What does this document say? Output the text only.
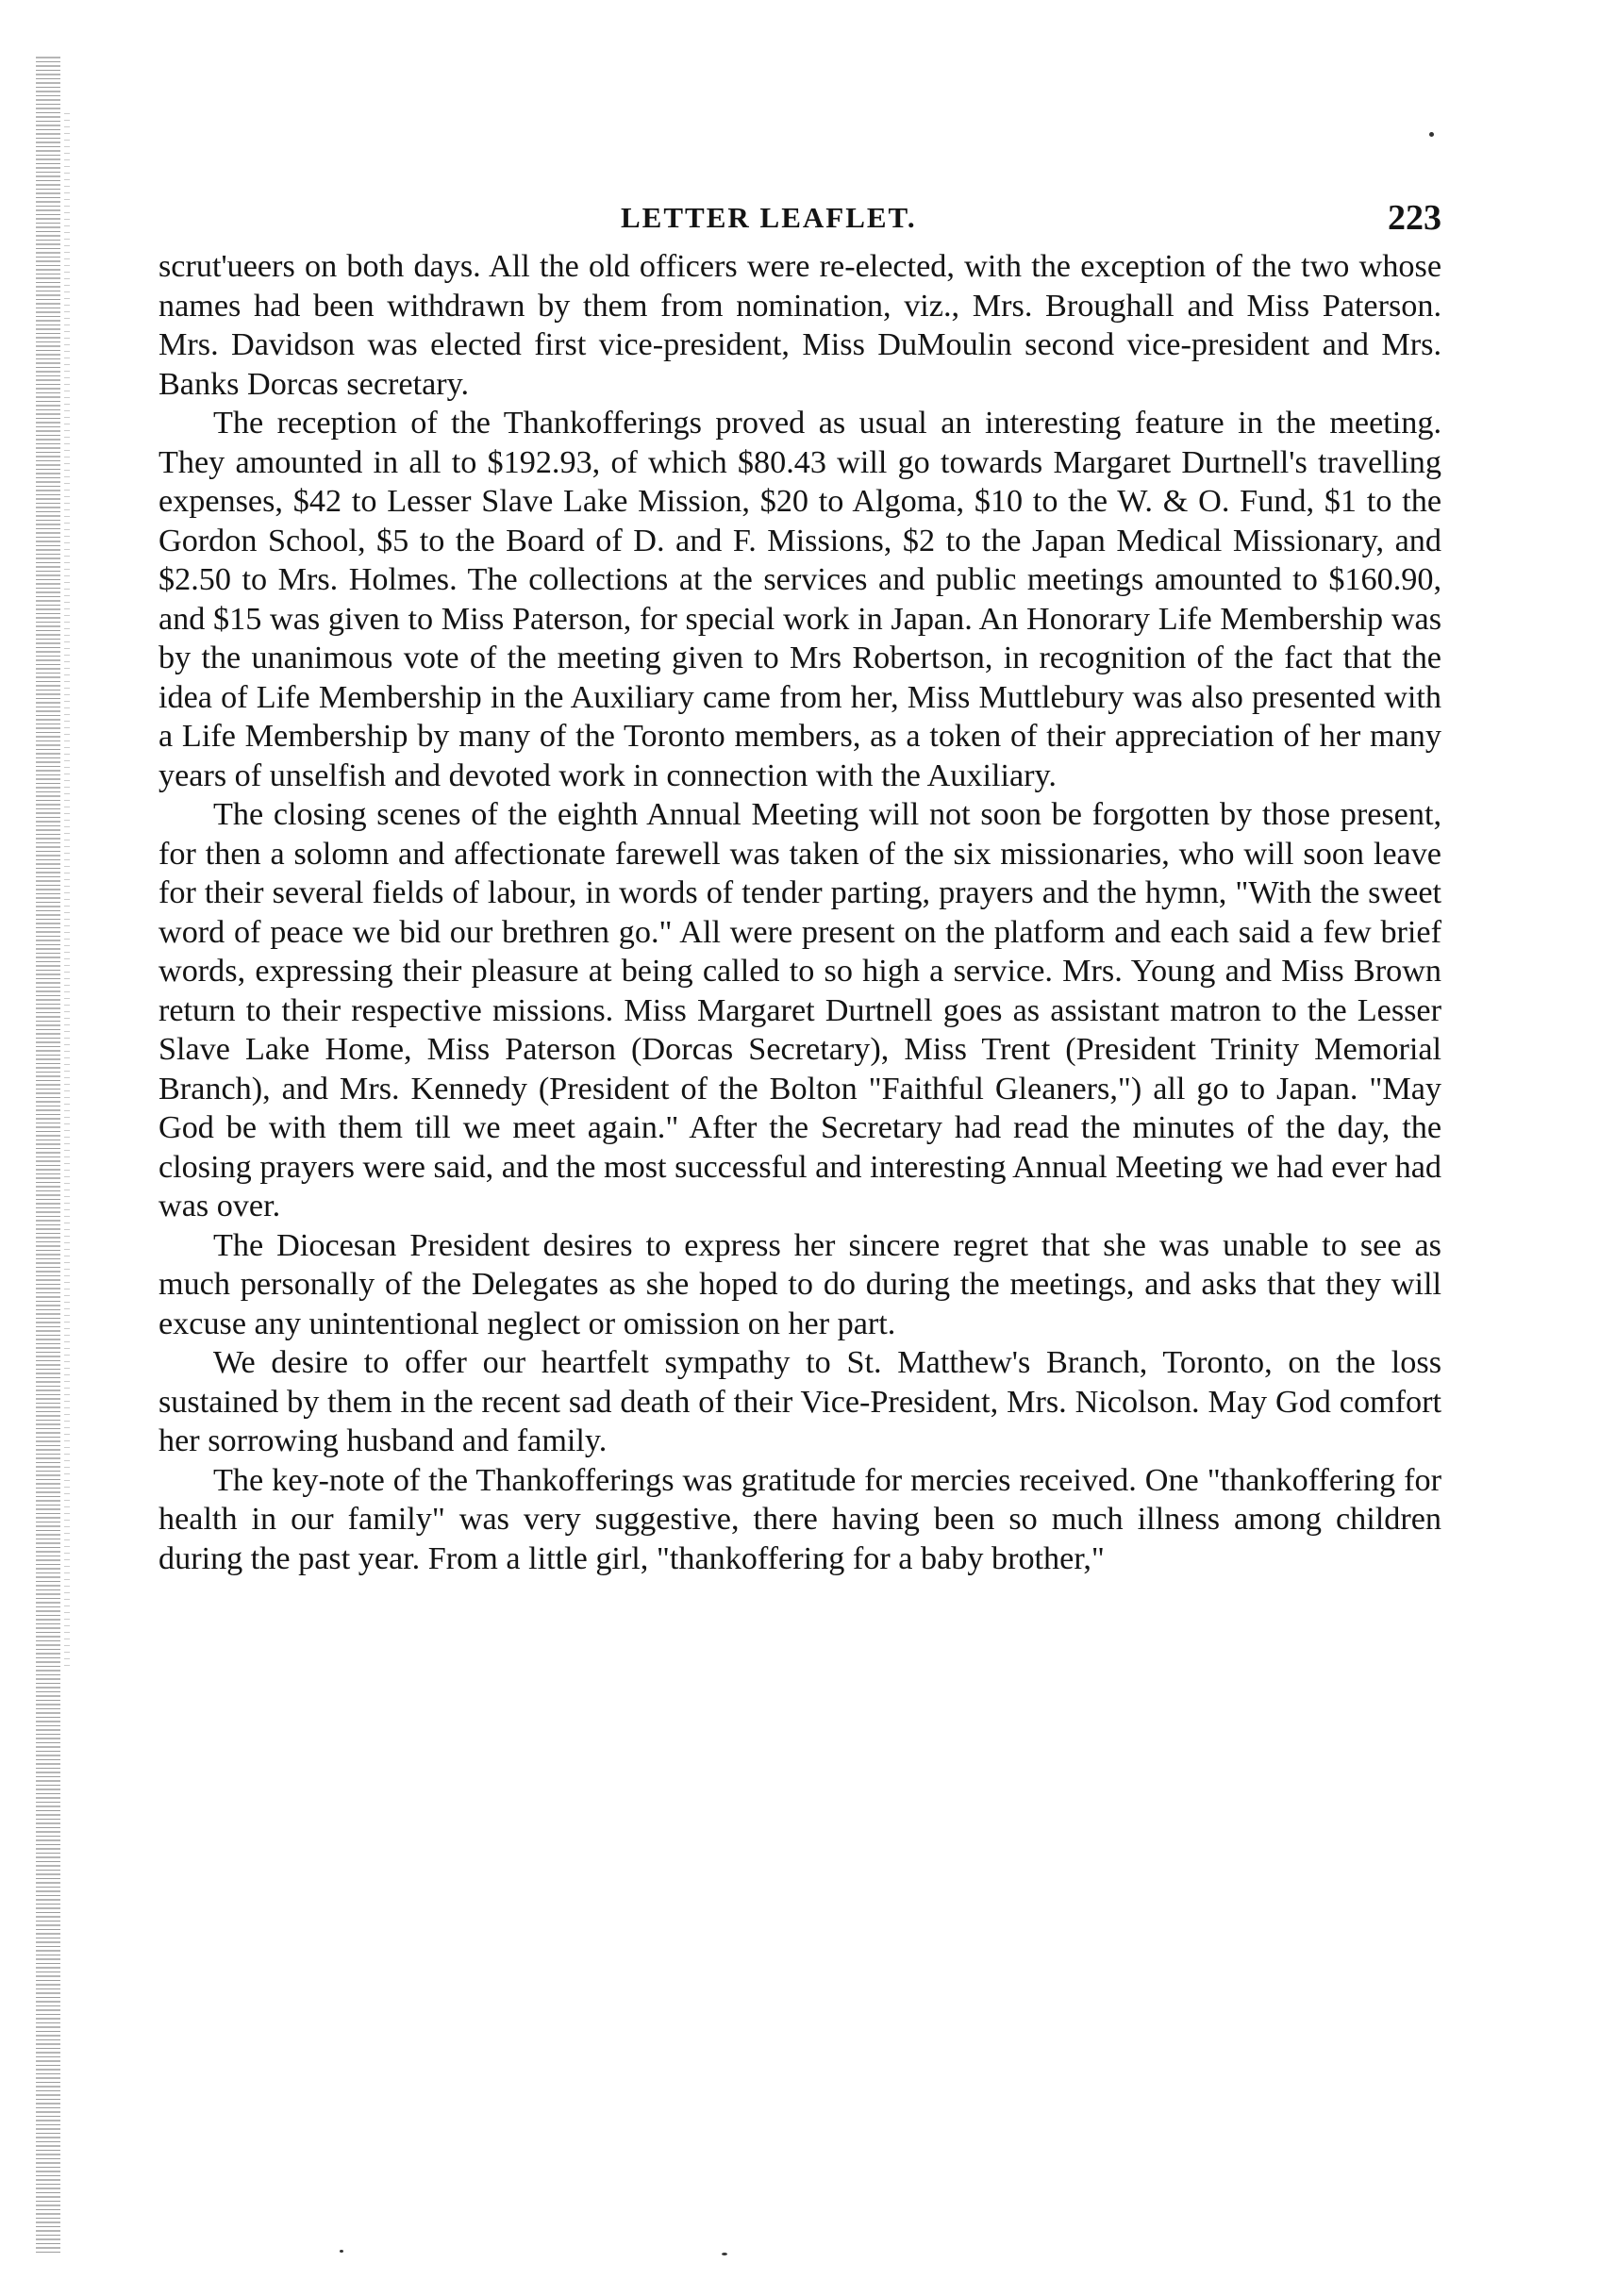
LETTER LEAFLET.	223

scrut'ueers on both days. All the old officers were re-elected, with the exception of the two whose names had been withdrawn by them from nomination, viz., Mrs. Broughall and Miss Paterson. Mrs. Davidson was elected first vice-president, Miss DuMoulin second vice-president and Mrs. Banks Dorcas secretary.

The reception of the Thankofferings proved as usual an interesting feature in the meeting. They amounted in all to $192.93, of which $80.43 will go towards Margaret Durtnell's travelling expenses, $42 to Lesser Slave Lake Mission, $20 to Algoma, $10 to the W. & O. Fund, $1 to the Gordon School, $5 to the Board of D. and F. Missions, $2 to the Japan Medical Missionary, and $2.50 to Mrs. Holmes. The collections at the services and public meetings amounted to $160.90, and $15 was given to Miss Paterson, for special work in Japan. An Honorary Life Membership was by the unanimous vote of the meeting given to Mrs Robertson, in recognition of the fact that the idea of Life Membership in the Auxiliary came from her, Miss Muttlebury was also presented with a Life Membership by many of the Toronto members, as a token of their appreciation of her many years of unselfish and devoted work in connection with the Auxiliary.

The closing scenes of the eighth Annual Meeting will not soon be forgotten by those present, for then a solomn and affectionate farewell was taken of the six missionaries, who will soon leave for their several fields of labour, in words of tender parting, prayers and the hymn, "With the sweet word of peace we bid our brethren go." All were present on the platform and each said a few brief words, expressing their pleasure at being called to so high a service. Mrs. Young and Miss Brown return to their respective missions. Miss Margaret Durtnell goes as assistant matron to the Lesser Slave Lake Home, Miss Paterson (Dorcas Secretary), Miss Trent (President Trinity Memorial Branch), and Mrs. Kennedy (President of the Bolton "Faithful Gleaners,") all go to Japan. "May God be with them till we meet again." After the Secretary had read the minutes of the day, the closing prayers were said, and the most successful and interesting Annual Meeting we had ever had was over.

The Diocesan President desires to express her sincere regret that she was unable to see as much personally of the Delegates as she hoped to do during the meetings, and asks that they will excuse any unintentional neglect or omission on her part.

We desire to offer our heartfelt sympathy to St. Matthew's Branch, Toronto, on the loss sustained by them in the recent sad death of their Vice-President, Mrs. Nicolson. May God comfort her sorrowing husband and family.

The key-note of the Thankofferings was gratitude for mercies received. One "thankoffering for health in our family" was very suggestive, there having been so much illness among children during the past year. From a little girl, "thankoffering for a baby brother,"
